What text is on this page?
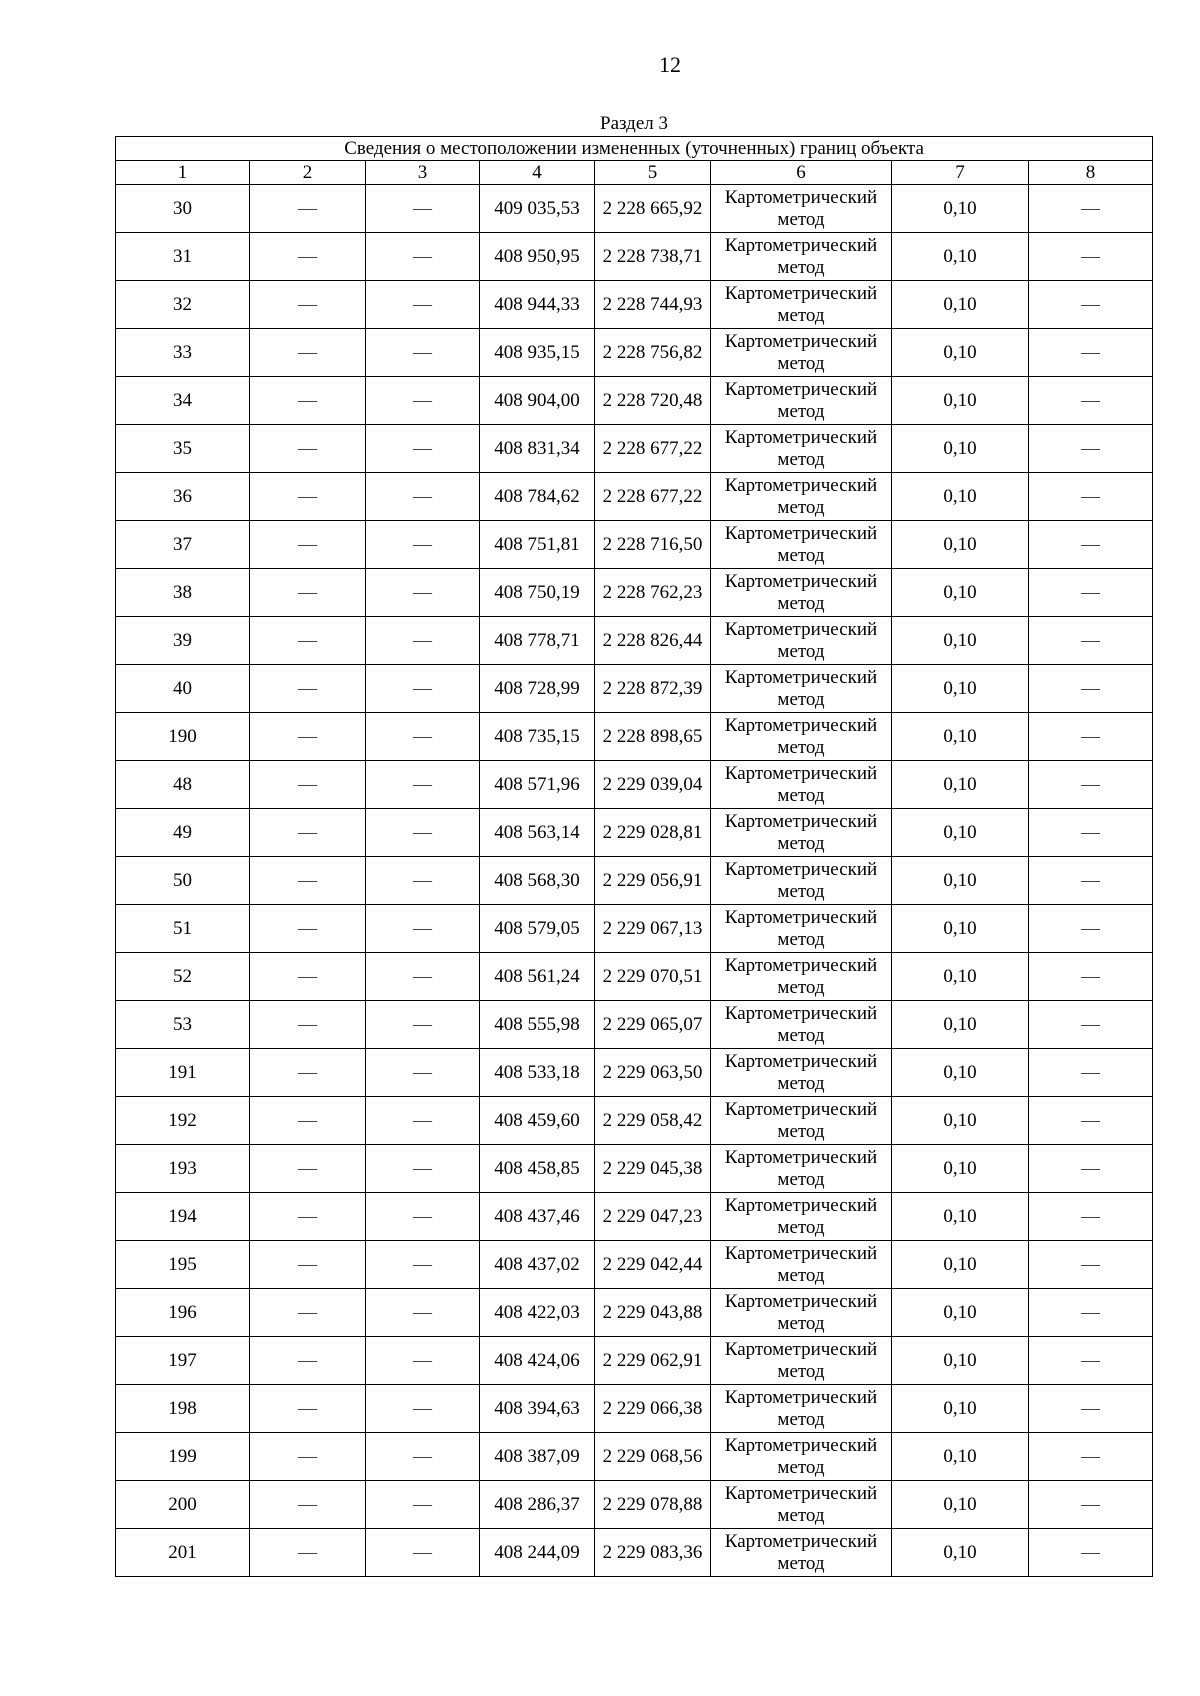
12
Раздел 3
Сведения о местоположении измененных (уточненных) границ объекта							
1	2	3	4	5	6	7	8
30	—	—	409 035,53	2 228 665,92	Картометрический метод	0,10	—
31	—	—	408 950,95	2 228 738,71	Картометрический метод	0,10	—
32	—	—	408 944,33	2 228 744,93	Картометрический метод	0,10	—
33	—	—	408 935,15	2 228 756,82	Картометрический метод	0,10	—
34	—	—	408 904,00	2 228 720,48	Картометрический метод	0,10	—
35	—	—	408 831,34	2 228 677,22	Картометрический метод	0,10	—
36	—	—	408 784,62	2 228 677,22	Картометрический метод	0,10	—
37	—	—	408 751,81	2 228 716,50	Картометрический метод	0,10	—
38	—	—	408 750,19	2 228 762,23	Картометрический метод	0,10	—
39	—	—	408 778,71	2 228 826,44	Картометрический метод	0,10	—
40	—	—	408 728,99	2 228 872,39	Картометрический метод	0,10	—
190	—	—	408 735,15	2 228 898,65	Картометрический метод	0,10	—
48	—	—	408 571,96	2 229 039,04	Картометрический метод	0,10	—
49	—	—	408 563,14	2 229 028,81	Картометрический метод	0,10	—
50	—	—	408 568,30	2 229 056,91	Картометрический метод	0,10	—
51	—	—	408 579,05	2 229 067,13	Картометрический метод	0,10	—
52	—	—	408 561,24	2 229 070,51	Картометрический метод	0,10	—
53	—	—	408 555,98	2 229 065,07	Картометрический метод	0,10	—
191	—	—	408 533,18	2 229 063,50	Картометрический метод	0,10	—
192	—	—	408 459,60	2 229 058,42	Картометрический метод	0,10	—
193	—	—	408 458,85	2 229 045,38	Картометрический метод	0,10	—
194	—	—	408 437,46	2 229 047,23	Картометрический метод	0,10	—
195	—	—	408 437,02	2 229 042,44	Картометрический метод	0,10	—
196	—	—	408 422,03	2 229 043,88	Картометрический метод	0,10	—
197	—	—	408 424,06	2 229 062,91	Картометрический метод	0,10	—
198	—	—	408 394,63	2 229 066,38	Картометрический метод	0,10	—
199	—	—	408 387,09	2 229 068,56	Картометрический метод	0,10	—
200	—	—	408 286,37	2 229 078,88	Картометрический метод	0,10	—
201	—	—	408 244,09	2 229 083,36	Картометрический метод	0,10	—
